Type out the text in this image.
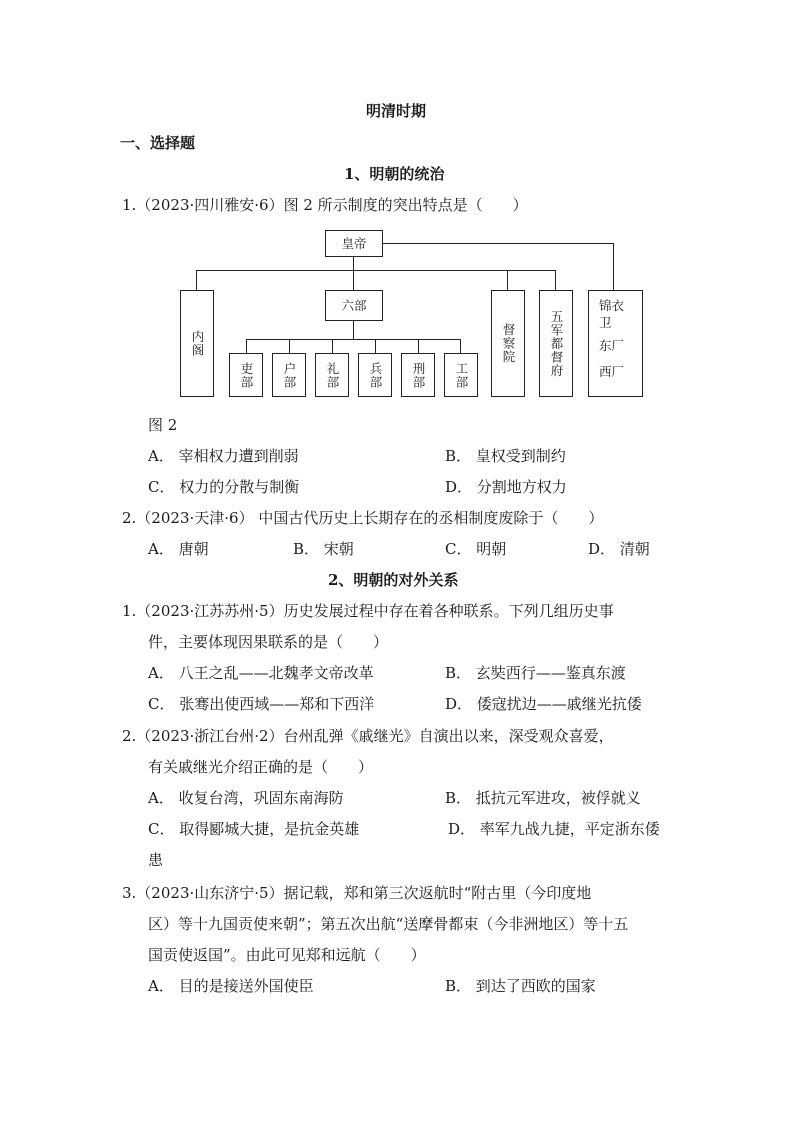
明清时期
一、选择题
1、明朝的统治
1.（2023·四川雅安·6）图 2 所示制度的突出特点是（　　）
皇帝
内阁
六部
吏部 户部 礼部 兵部 刑部 工部
督察院	五军都督府
锦衣卫
东厂
西厂
图 2
A． 宰相权力遭到削弱	B． 皇权受到制约
C． 权力的分散与制衡	D． 分割地方权力
2.（2023·天津·6） 中国古代历史上长期存在的丞相制度废除于（　　）
A． 唐朝	B． 宋朝	C． 明朝	D． 清朝
2、明朝的对外关系
1.（2023·江苏苏州·5）历史发展过程中存在着各种联系。下列几组历史事
件，主要体现因果联系的是（　　）
A． 八王之乱——北魏孝文帝改革	B． 玄奘西行——鉴真东渡
C． 张骞出使西域——郑和下西洋	D． 倭寇扰边——戚继光抗倭
2.（2023·浙江台州·2）台州乱弹《戚继光》自演出以来，深受观众喜爱，
有关戚继光介绍正确的是（　　）
A． 收复台湾，巩固东南海防	B． 抵抗元军进攻，被俘就义
C． 取得郾城大捷，是抗金英雄	D． 率军九战九捷，平定浙东倭
患
3.（2023·山东济宁·5）据记载，郑和第三次返航时“附古里（今印度地
区）等十九国贡使来朝”；第五次出航“送摩骨都束（今非洲地区）等十五
国贡使返国”。由此可见郑和远航（　　）
A． 目的是接送外国使臣	B． 到达了西欧的国家
